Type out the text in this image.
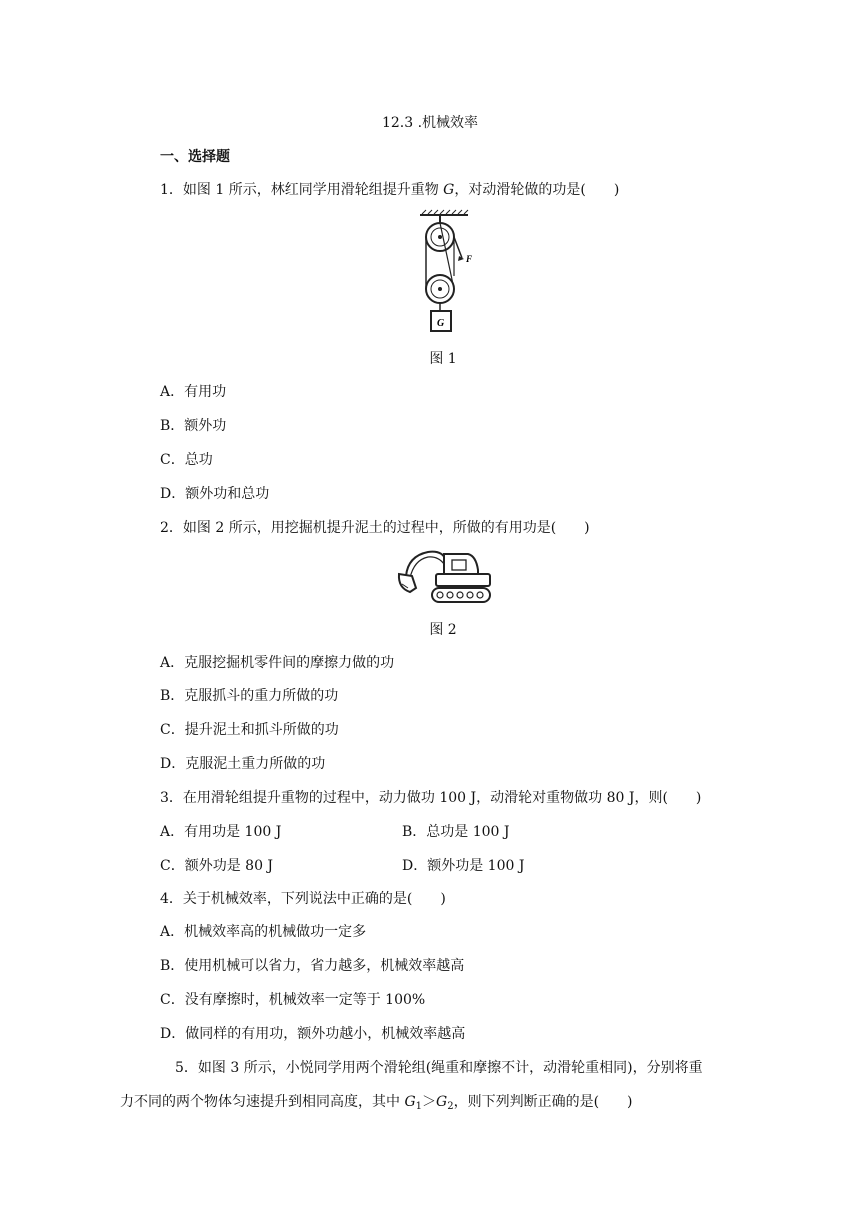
12.3 .机械效率
一、选择题
1．如图 1 所示，林红同学用滑轮组提升重物 G，对动滑轮做的功是(　　)
F
G
图 1
A．有用功
B．额外功
C．总功
D．额外功和总功
2．如图 2 所示，用挖掘机提升泥土的过程中，所做的有用功是(　　)
图 2
A．克服挖掘机零件间的摩擦力做的功
B．克服抓斗的重力所做的功
C．提升泥土和抓斗所做的功
D．克服泥土重力所做的功
3．在用滑轮组提升重物的过程中，动力做功 100 J，动滑轮对重物做功 80 J，则(　　)
A．有用功是 100 J	B．总功是 100 J
C．额外功是 80 J	D．额外功是 100 J
4．关于机械效率，下列说法中正确的是(　　)
A．机械效率高的机械做功一定多
B．使用机械可以省力，省力越多，机械效率越高
C．没有摩擦时，机械效率一定等于 100%
D．做同样的有用功，额外功越小，机械效率越高
5．如图 3 所示，小悦同学用两个滑轮组(绳重和摩擦不计，动滑轮重相同)，分别将重
力不同的两个物体匀速提升到相同高度，其中 $G_1>G_2$，则下列判断正确的是(　　)
